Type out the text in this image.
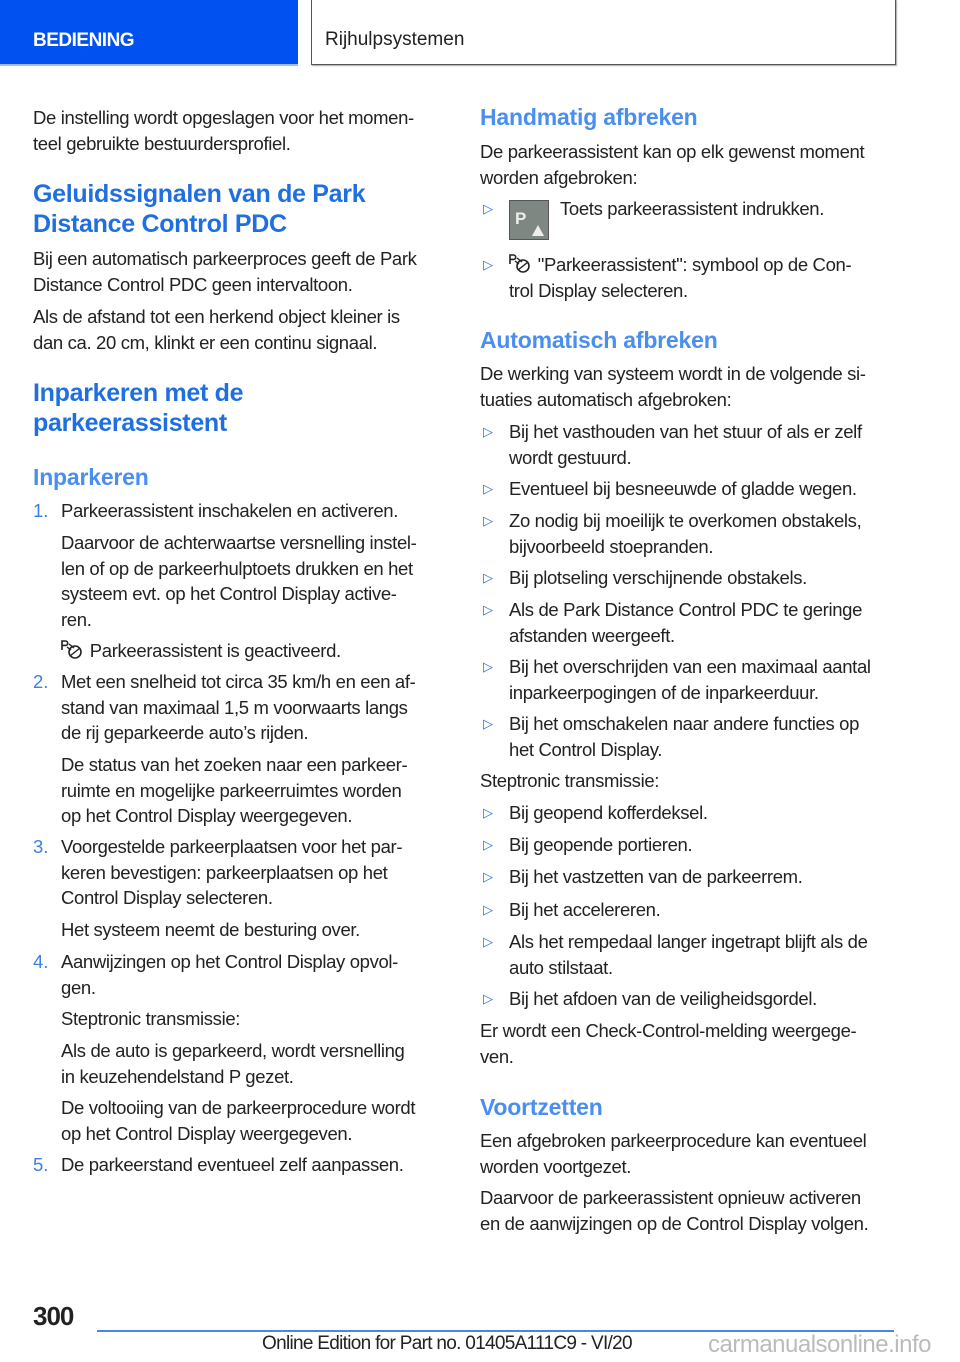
BEDIENING	Rijhulpsystemen
De instelling wordt opgeslagen voor het momen-
teel gebruikte bestuurdersprofiel.
Geluidssignalen van de Park
Distance Control PDC
Bij een automatisch parkeerproces geeft de Park
Distance Control PDC geen intervaltoon.
Als de afstand tot een herkend object kleiner is
dan ca. 20 cm, klinkt er een continu signaal.
Inparkeren met de
parkeerassistent
Inparkeren
1. Parkeerassistent inschakelen en activeren.
Daarvoor de achterwaartse versnelling instel-
len of op de parkeerhulptoets drukken en het
systeem evt. op het Control Display active-
ren.
Parkeerassistent is geactiveerd.
2. Met een snelheid tot circa 35 km/h en een af-
stand van maximaal 1,5 m voorwaarts langs
de rij geparkeerde auto’s rijden.
De status van het zoeken naar een parkeer-
ruimte en mogelijke parkeerruimtes worden
op het Control Display weergegeven.
3. Voorgestelde parkeerplaatsen voor het par-
keren bevestigen: parkeerplaatsen op het
Control Display selecteren.
Het systeem neemt de besturing over.
4. Aanwijzingen op het Control Display opvol-
gen.
Steptronic transmissie:
Als de auto is geparkeerd, wordt versnelling
in keuzehendelstand P gezet.
De voltooiing van de parkeerprocedure wordt
op het Control Display weergegeven.
5. De parkeerstand eventueel zelf aanpassen.
Handmatig afbreken
De parkeerassistent kan op elk gewenst moment
worden afgebroken:
▷
P Toets parkeerassistent indrukken.
▷	"Parkeerassistent": symbool op de Con-
trol Display selecteren.
Automatisch afbreken
De werking van systeem wordt in de volgende si-
tuaties automatisch afgebroken:
▷ Bij het vasthouden van het stuur of als er zelf
wordt gestuurd.
▷ Eventueel bij besneeuwde of gladde wegen.
▷ Zo nodig bij moeilijk te overkomen obstakels,
bijvoorbeeld stoepranden.
▷ Bij plotseling verschijnende obstakels.
▷ Als de Park Distance Control PDC te geringe
afstanden weergeeft.
▷ Bij het overschrijden van een maximaal aantal
inparkeerpogingen of de inparkeerduur.
▷ Bij het omschakelen naar andere functies op
het Control Display.
Steptronic transmissie:
▷ Bij geopend kofferdeksel.
▷ Bij geopende portieren.
▷ Bij het vastzetten van de parkeerrem.
▷ Bij het accelereren.
▷ Als het rempedaal langer ingetrapt blijft als de
auto stilstaat.
▷ Bij het afdoen van de veiligheidsgordel.
Er wordt een Check-Control-melding weergege-
ven.
Voortzetten
Een afgebroken parkeerprocedure kan eventueel
worden voortgezet.
Daarvoor de parkeerassistent opnieuw activeren
en de aanwijzingen op de Control Display volgen.
300
Online Edition for Part no. 01405A111C9 - VI/20	carmanualsonline.info
